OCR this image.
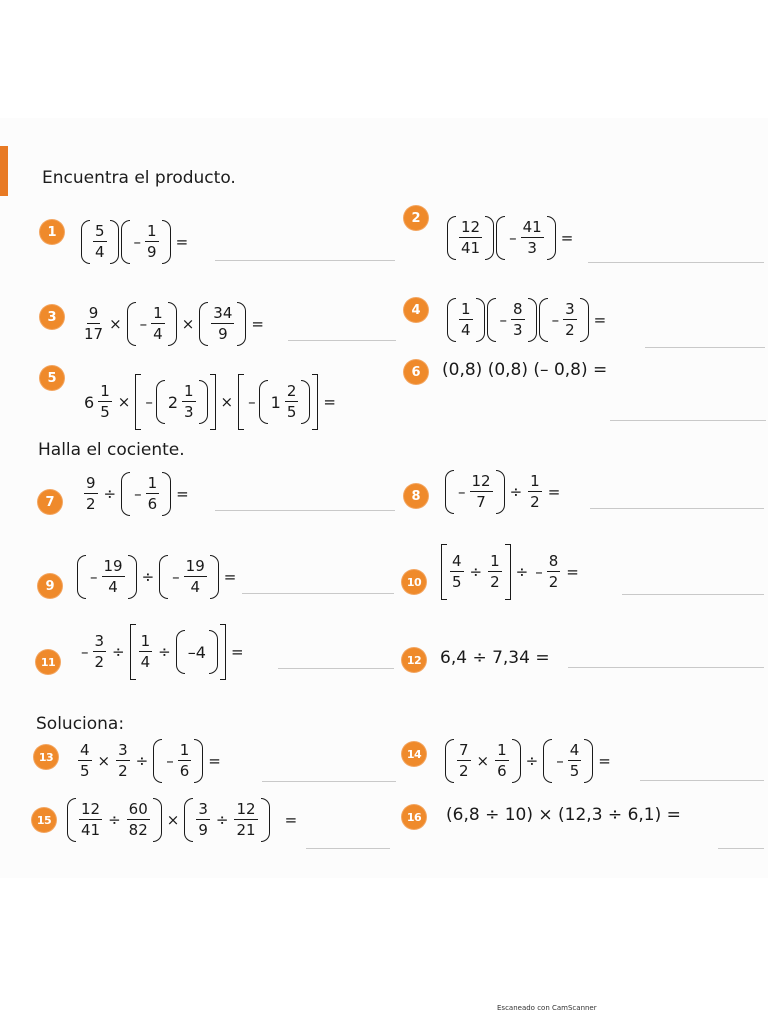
Encuentra el producto.
1	$\frac{5}{4} - \frac{1}{9}$ =
2
$\frac{12}{41} - \frac{41}{3}$ =
3	$\frac{9}{17}$ × – $\frac{1}{4} \times \frac{34}{9}$ =
4	$\frac{1}{4} - \frac{8}{3} - \frac{3}{2}$ =
5
$6 \frac{1}{5}$ × – $2 \frac{1}{3}$ × – $1 \frac{2}{5}$ =
6	(0,8) (0,8) (– 0,8) =
Halla el cociente.
7	$\frac{9}{2}$ ÷ – $\frac{1}{6}$ =	8	– $\frac{12}{7} \div \frac{1}{2}$ =
9	– $\frac{19}{4}$ ÷ – $\frac{19}{4}$ =	10	$\frac{4}{5} \div \frac{1}{2}$ ÷ – $\frac{8}{2}$ =
11
– $\frac{3}{2} \div \frac{1}{4} \div -4$ =	12 6,4 ÷ 7,34 =
Soluciona:
13	$\frac{4}{5} \times \frac{3}{2}$ ÷ – $\frac{1}{6}$ =	14	$\frac{7}{2} \times \frac{1}{6}$ ÷ – $\frac{4}{5}$ =
15	$\frac{12}{41} \div \frac{60}{82} \times \frac{3}{9} \div \frac{12}{21}$ =	16 (6,8 ÷ 10) × (12,3 ÷ 6,1) =
Escaneado con CamScanner
